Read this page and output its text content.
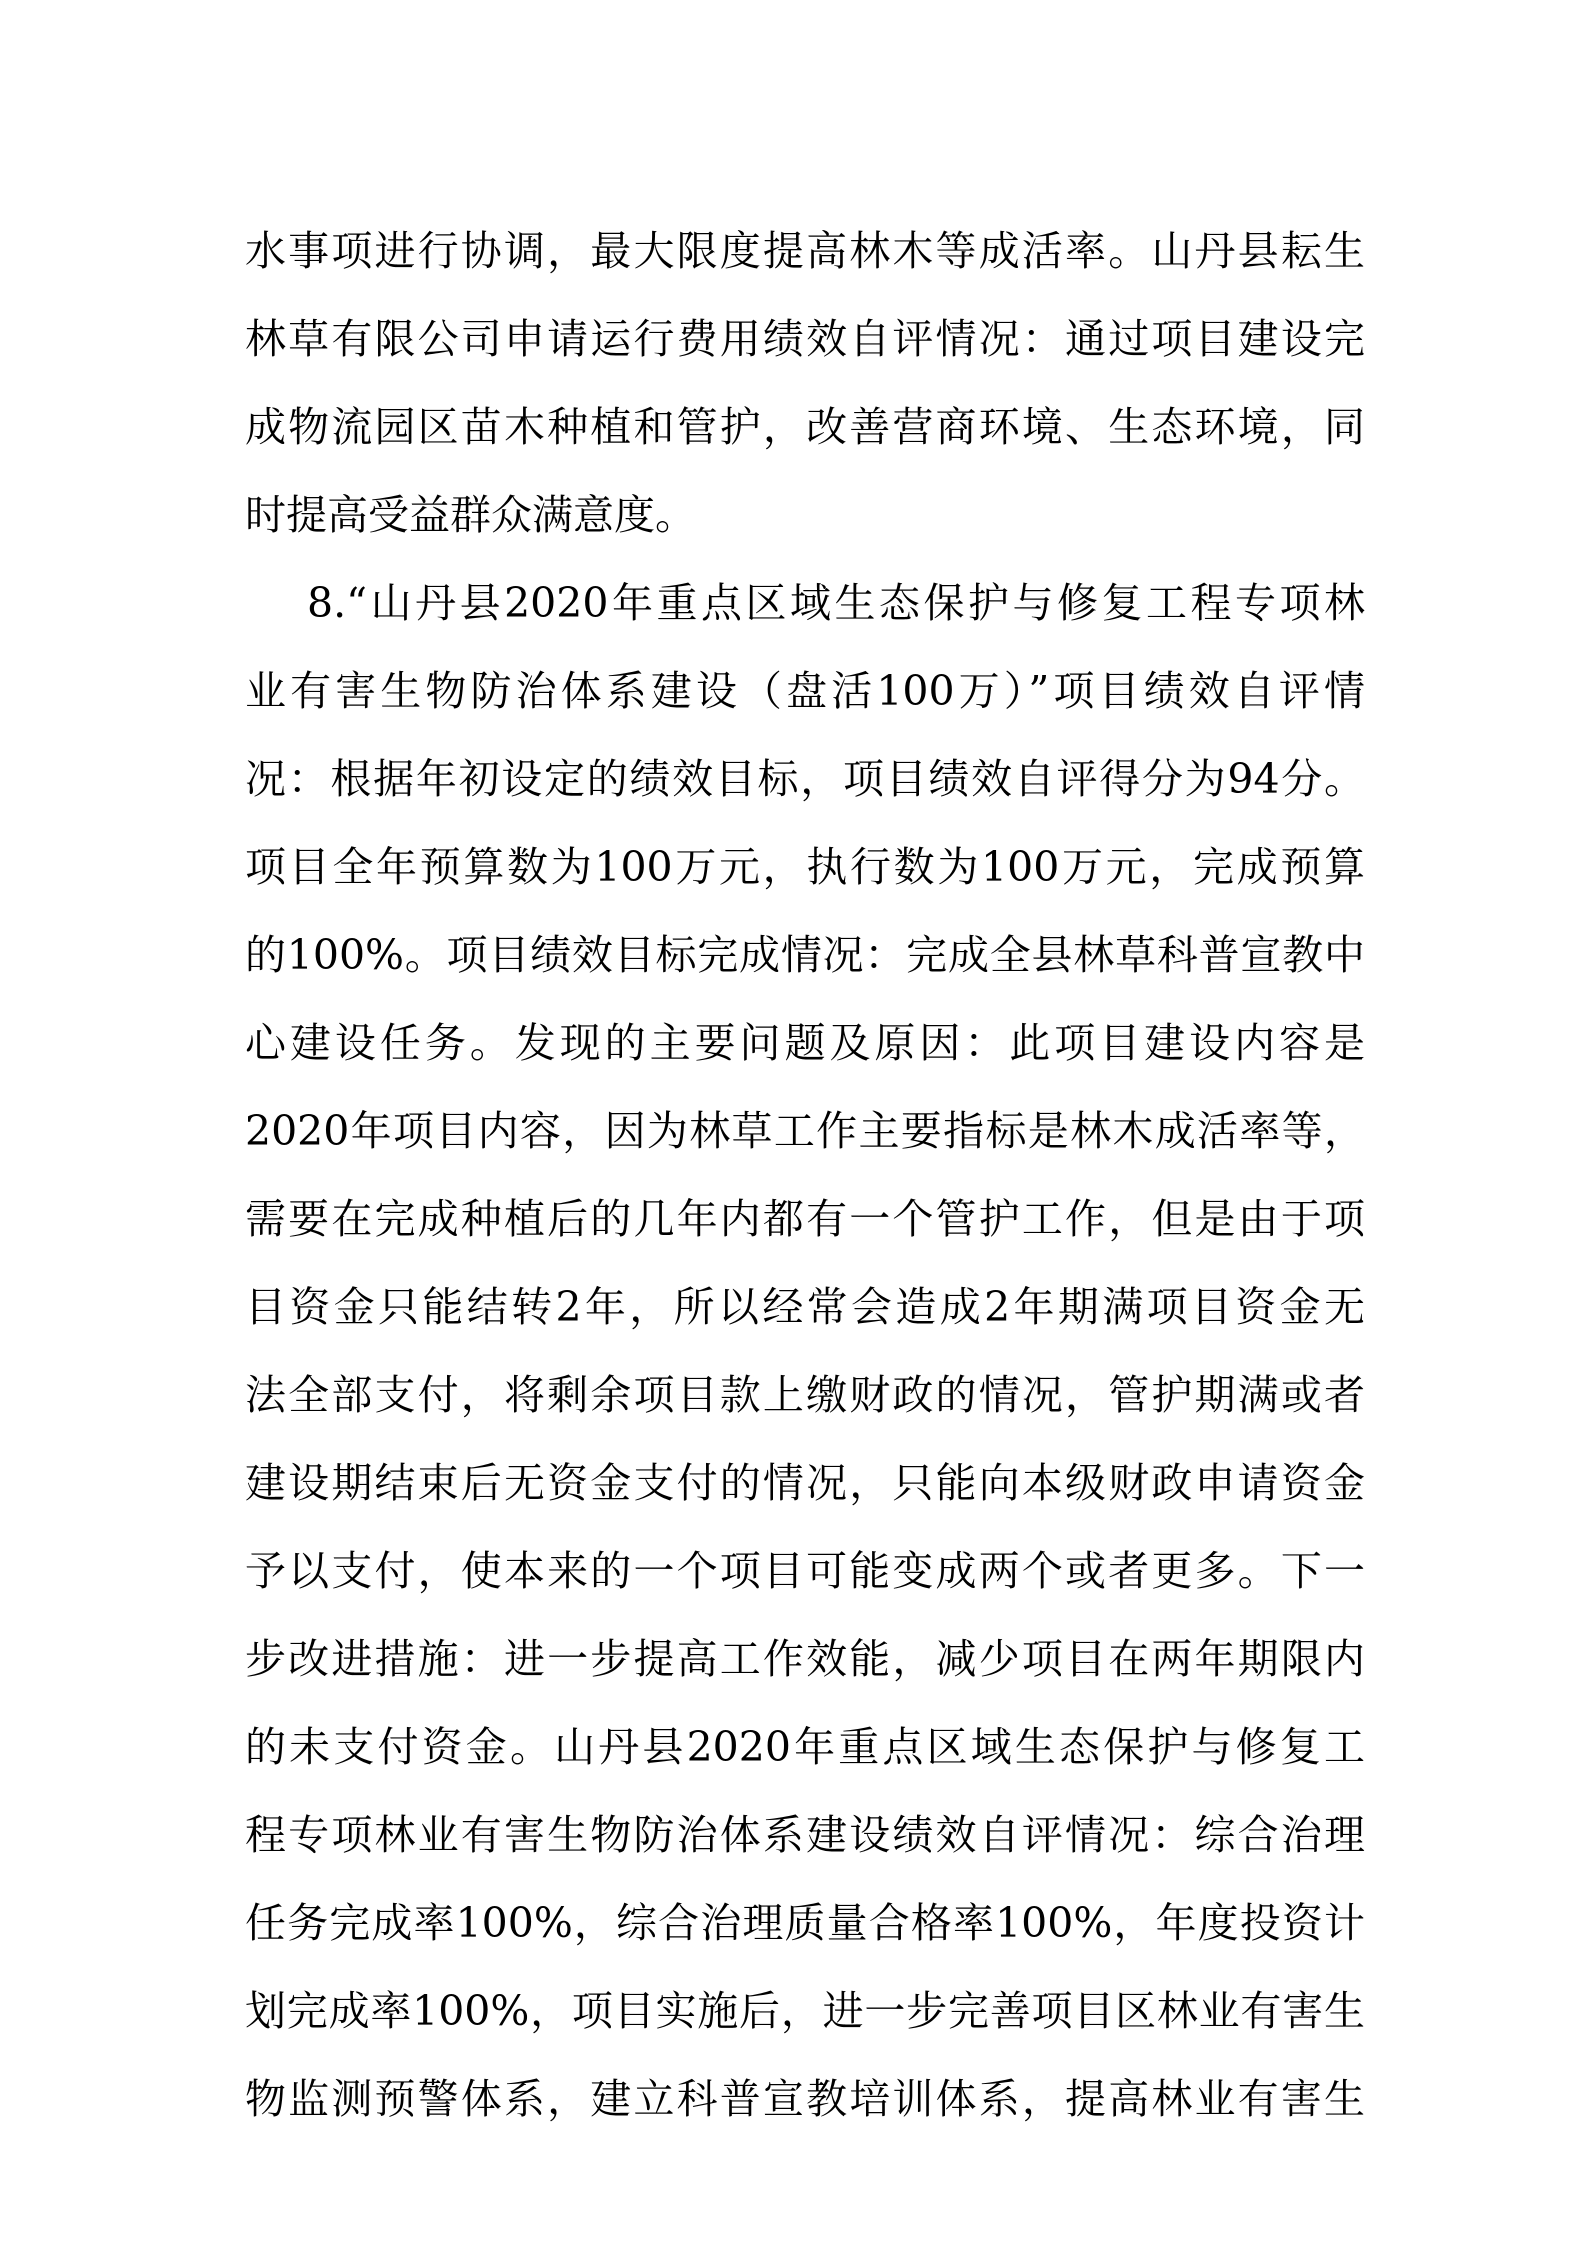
水事项进行协调，最大限度提高林木等成活率。山丹县耘生
林草有限公司申请运行费用绩效自评情况：通过项目建设完
成物流园区苗木种植和管护，改善营商环境、生态环境，同
时提高受益群众满意度。
8.“山丹县2020年重点区域生态保护与修复工程专项林
业有害生物防治体系建设（盘活100万）”项目绩效自评情
况：根据年初设定的绩效目标，项目绩效自评得分为94分。
项目全年预算数为100万元，执行数为100万元，完成预算
的100%。项目绩效目标完成情况：完成全县林草科普宣教中
心建设任务。发现的主要问题及原因：此项目建设内容是
2020年项目内容，因为林草工作主要指标是林木成活率等，
需要在完成种植后的几年内都有一个管护工作，但是由于项
目资金只能结转2年，所以经常会造成2年期满项目资金无
法全部支付，将剩余项目款上缴财政的情况，管护期满或者
建设期结束后无资金支付的情况，只能向本级财政申请资金
予以支付，使本来的一个项目可能变成两个或者更多。下一
步改进措施：进一步提高工作效能，减少项目在两年期限内
的未支付资金。山丹县2020年重点区域生态保护与修复工
程专项林业有害生物防治体系建设绩效自评情况：综合治理
任务完成率100%，综合治理质量合格率100%，年度投资计
划完成率100%，项目实施后，进一步完善项目区林业有害生
物监测预警体系，建立科普宣教培训体系，提高林业有害生
